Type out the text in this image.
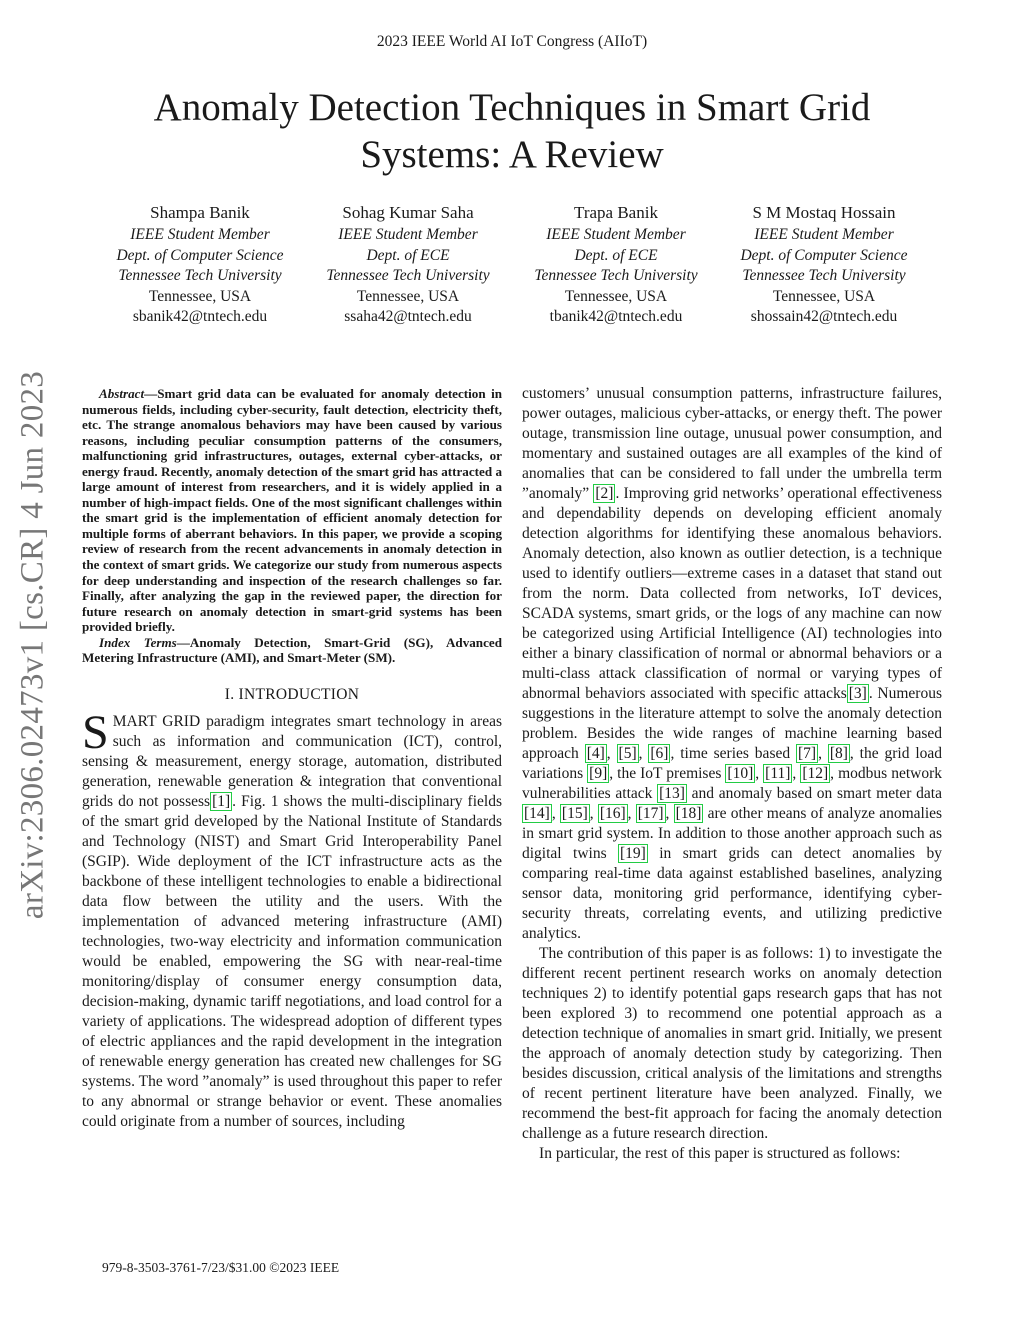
2023 IEEE World AI IoT Congress (AIIoT)
Anomaly Detection Techniques in Smart Grid Systems: A Review
Shampa Banik
IEEE Student Member
Dept. of Computer Science
Tennessee Tech University
Tennessee, USA
sbanik42@tntech.edu
Sohag Kumar Saha
IEEE Student Member
Dept. of ECE
Tennessee Tech University
Tennessee, USA
ssaha42@tntech.edu
Trapa Banik
IEEE Student Member
Dept. of ECE
Tennessee Tech University
Tennessee, USA
tbanik42@tntech.edu
S M Mostaq Hossain
IEEE Student Member
Dept. of Computer Science
Tennessee Tech University
Tennessee, USA
shossain42@tntech.edu
arXiv:2306.02473v1 [cs.CR] 4 Jun 2023	Abstract—Smart grid data can be evaluated for anomaly detection in numerous fields, including cyber-security, fault detection, electricity theft, etc. The strange anomalous behaviors may have been caused by various reasons, including peculiar consumption patterns of the consumers, malfunctioning grid infrastructures, outages, external cyber-attacks, or energy fraud. Recently, anomaly detection of the smart grid has attracted a large amount of interest from researchers, and it is widely applied in a number of high-impact fields. One of the most significant challenges within the smart grid is the implementation of efficient anomaly detection for multiple forms of aberrant behaviors. In this paper, we provide a scoping review of research from the recent advancements in anomaly detection in the context of smart grids. We categorize our study from numerous aspects for deep understanding and inspection of the research challenges so far. Finally, after analyzing the gap in the reviewed paper, the direction for future research on anomaly detection in smart-grid systems has been provided briefly.

Index Terms—Anomaly Detection, Smart-Grid (SG), Advanced Metering Infrastructure (AMI), and Smart-Meter (SM).

I. INTRODUCTION

SMART GRID paradigm integrates smart technology in areas such as information and communication (ICT), control, sensing & measurement, energy storage, automation, distributed generation, renewable generation & integration that conventional grids do not possess [1] . Fig. 1 shows the multi-disciplinary fields of the smart grid developed by the National Institute of Standards and Technology (NIST) and Smart Grid Interoperability Panel (SGIP). Wide deployment of the ICT infrastructure acts as the backbone of these intelligent technologies to enable a bidirectional data flow between the utility and the users. With the implementation of advanced metering infrastructure (AMI) technologies, two-way electricity and information communication would be enabled, empowering the SG with near-real-time monitoring/display of consumer energy consumption data, decision-making, dynamic tariff negotiations, and load control for a variety of applications. The widespread adoption of different types of electric appliances and the rapid development in the integration of renewable energy generation has created new challenges for SG systems. The word ”anomaly” is used throughout this paper to refer to any abnormal or strange behavior or event. These anomalies could originate from a number of sources, including

customers’ unusual consumption patterns, infrastructure failures, power outages, malicious cyber-attacks, or energy theft. The power outage, transmission line outage, unusual power consumption, and momentary and sustained outages are all examples of the kind of anomalies that can be considered to fall under the umbrella term ”anomaly” [2] . Improving grid networks’ operational effectiveness and dependability depends on developing efficient anomaly detection algorithms for identifying these anomalous behaviors. Anomaly detection, also known as outlier detection, is a technique used to identify outliers—extreme cases in a dataset that stand out from the norm. Data collected from networks, IoT devices, SCADA systems, smart grids, or the logs of any machine can now be categorized using Artificial Intelligence (AI) technologies into either a binary classification of normal or abnormal behaviors or a multi-class attack classification of normal or varying types of abnormal behaviors associated with specific attacks [3] . Numerous suggestions in the literature attempt to solve the anomaly detection problem. Besides the wide ranges of machine learning based approach [4] , [5] , [6] , time series based [7] , [8] , the grid load variations [9] , the IoT premises [10] , [11] , [12] , modbus network vulnerabilities attack [13] and anomaly based on smart meter data [14] , [15] , [16] , [17] , [18] are other means of analyze anomalies in smart grid system. In addition to those another approach such as digital twins [19] in smart grids can detect anomalies by comparing real-time data against established baselines, analyzing sensor data, monitoring grid performance, identifying cyber-security threats, correlating events, and utilizing predictive analytics.

The contribution of this paper is as follows: 1) to investigate the different recent pertinent research works on anomaly detection techniques 2) to identify potential gaps research gaps that has not been explored 3) to recommend one potential approach as a detection technique of anomalies in smart grid. Initially, we present the approach of anomaly detection study by categorizing. Then besides discussion, critical analysis of the limitations and strengths of recent pertinent literature have been analyzed. Finally, we recommend the best-fit approach for facing the anomaly detection challenge as a future research direction.

In particular, the rest of this paper is structured as follows:

979-8-3503-3761-7/23/$31.00 ©2023 IEEE
